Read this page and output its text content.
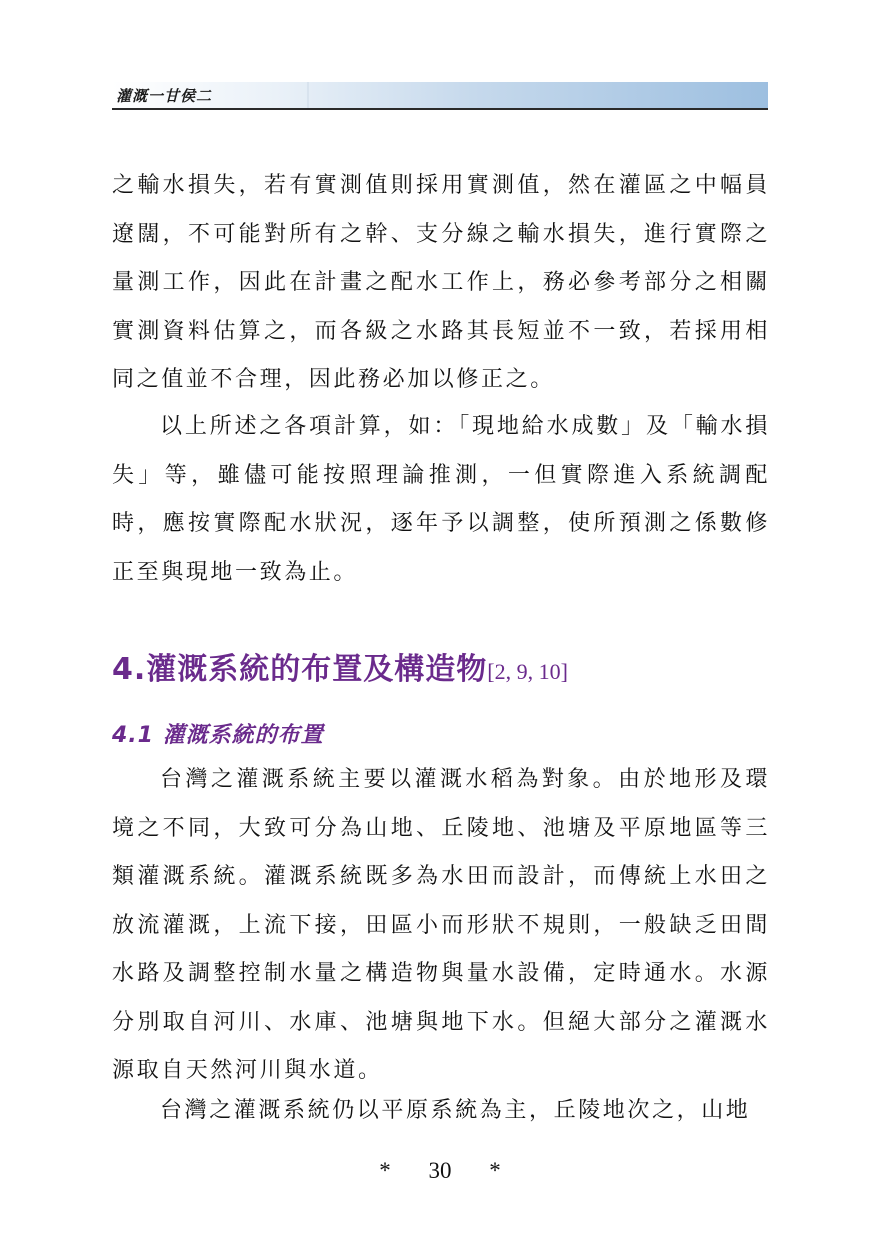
灌溉一甘侯二

之輸水損失，若有實測值則採用實測值，然在灌區之中幅員遼闊，不可能對所有之幹、支分線之輸水損失，進行實際之量測工作，因此在計畫之配水工作上，務必參考部分之相關實測資料估算之，而各級之水路其長短並不一致，若採用相同之值並不合理，因此務必加以修正之。

以上所述之各項計算，如：「現地給水成數」及「輸水損失」等，雖儘可能按照理論推測，一但實際進入系統調配時，應按實際配水狀況，逐年予以調整，使所預測之係數修正至與現地一致為止。

4.灌溉系統的布置及構造物[2, 9, 10]
4.1 灌溉系統的布置

台灣之灌溉系統主要以灌溉水稻為對象。由於地形及環境之不同，大致可分為山地、丘陵地、池塘及平原地區等三類灌溉系統。灌溉系統既多為水田而設計，而傳統上水田之放流灌溉，上流下接，田區小而形狀不規則，一般缺乏田間水路及調整控制水量之構造物與量水設備，定時通水。水源分別取自河川、水庫、池塘與地下水。但絕大部分之灌溉水源取自天然河川與水道。

台灣之灌溉系統仍以平原系統為主，丘陵地次之，山地

* 30 *
